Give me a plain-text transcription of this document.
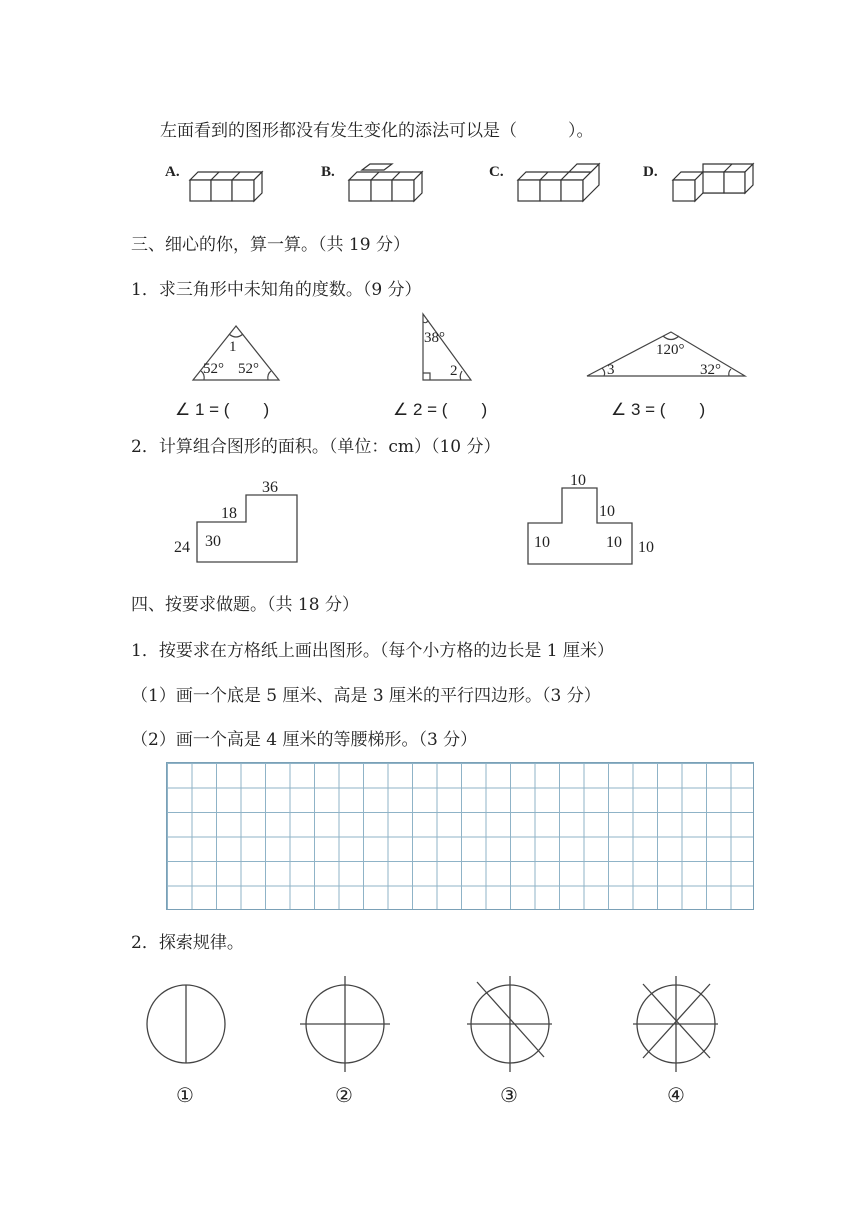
左面看到的图形都没有发生变化的添法可以是（　　　）。
A.	B.	C.	D.
三、细心的你，算一算。（共 19 分）
1．求三角形中未知角的度数。（9 分）
1
52° 52°
38°
2
120°
3	32°
∠ 1 = (　　)	∠ 2 = (　　)	∠ 3 = (　　)
2．计算组合图形的面积。（单位：cm）（10 分）
36
18
30
24
10
10
10	10 10
四、按要求做题。（共 18 分）
1．按要求在方格纸上画出图形。（每个小方格的边长是 1 厘米）
（1）画一个底是 5 厘米、高是 3 厘米的平行四边形。（3 分）
（2）画一个高是 4 厘米的等腰梯形。（3 分）
2．探索规律。
①	②	③	④
